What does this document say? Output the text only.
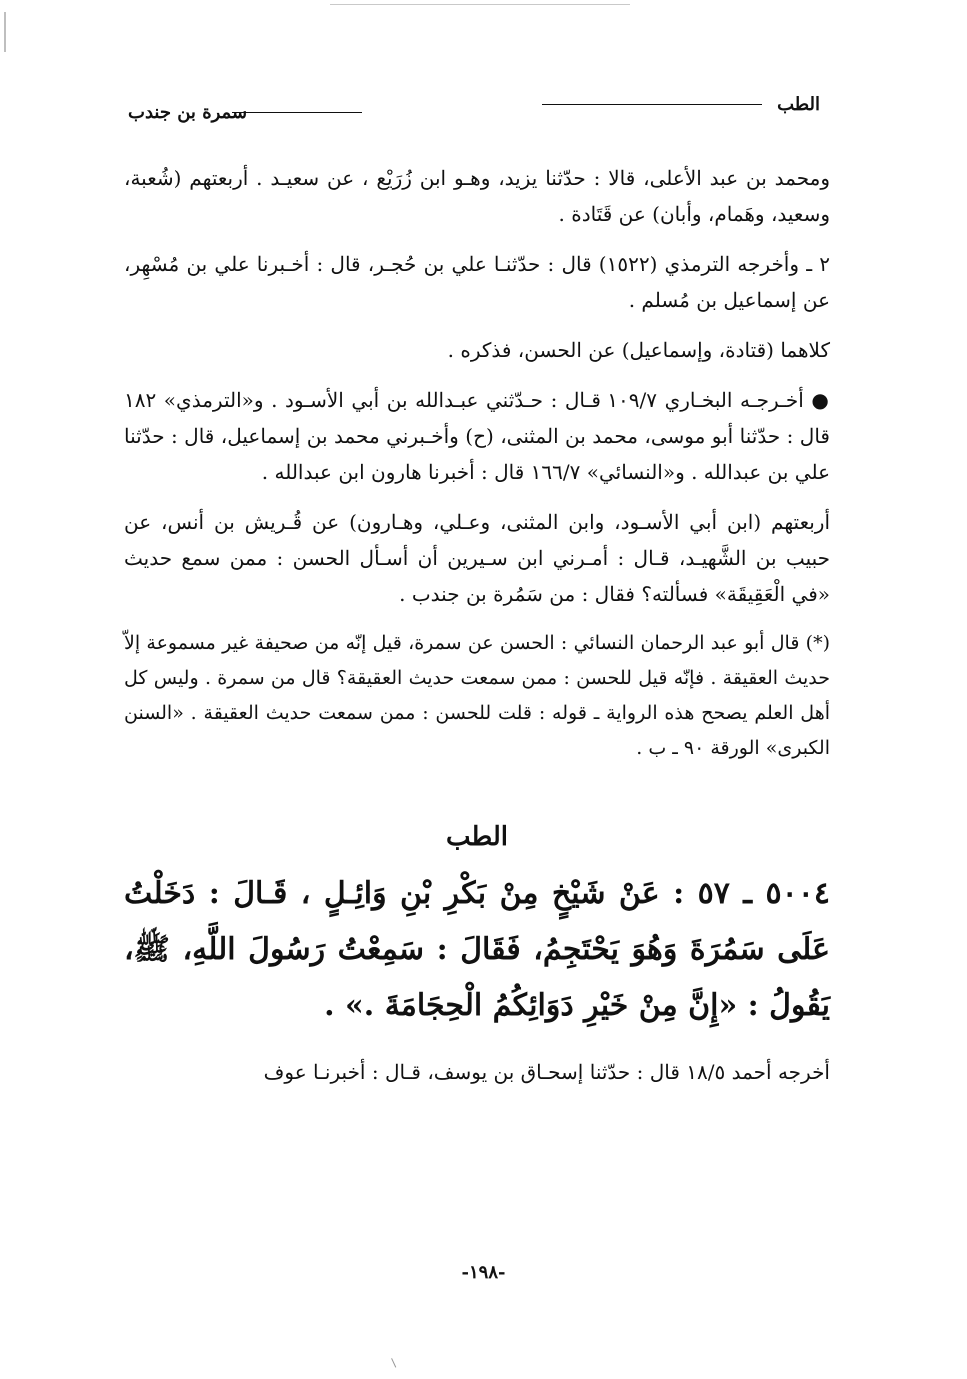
الطب
سمرة بن جندب

ومحمد بن عبد الأعلى، قالا : حدّثنا يزيد، وهـو ابن زُرَيْع ، عن سعيـد . أربعتهم (شُعبة، وسعيد، وهَمام، وأبان) عن قَتَادة .

٢ ـ وأخرجه الترمذي (١٥٢٢) قال : حدّثنـا علي بن حُجـر، قال : أخـبرنا علي بن مُسْهِر، عن إسماعيل بن مُسلم .

كلاهما (قتادة، وإسماعيل) عن الحسن، فذكره .

● أخـرجـه البخـاري ١٠٩/٧ قـال : حـدّثني عبـدالله بن أبي الأسـود . و«الترمذي» ١٨٢ قال : حدّثنا أبو موسى، محمد بن المثنى، (ح) وأخـبرني محمد بن إسماعيل، قال : حدّثنا علي بن عبدالله . و«النسائي» ١٦٦/٧ قال : أخبرنا هارون ابن عبدالله .

أربعتهم (ابن أبي الأسـود، وابن المثنى، وعـلي، وهـارون) عن قُـريش بن أنس، عن حبيب بن الشَّهيـد، قـال : أمـرني ابن سـيرين أن أسـأل الحسن : ممن سمع حديث «في الْعَقِيقَة» فسألته؟ فقال : من سَمُرة بن جندب .

(*) قال أبو عبد الرحمان النسائي : الحسن عن سمرة، قيل إنّه من صحيفة غير مسموعة إلاّ حديث العقيقة . فإنّه قيل للحسن : ممن سمعت حديث العقيقة؟ قال من سمرة . وليس كل أهل العلم يصحح هذه الرواية ـ قوله : قلت للحسن : ممن سمعت حديث العقيقة . «السنن الكبرى» الورقة ٩٠ ـ ب .

الطب
٥٠٠٤ ـ ٥٧ : عَنْ شَيْخٍ مِنْ بَكْرِ بْنِ وَائِـلٍ ، قَـالَ : دَخَلْتُ عَلَى سَمُرَةَ وَهُوَ يَحْتَجِمُ، فَقَالَ : سَمِعْتُ رَسُولَ اللَّهِ، ﷺ، يَقُولُ : «إِنَّ مِنْ خَيْرِ دَوَائِكُمُ الْحِجَامَةَ .» .

أخرجه أحمد ١٨/٥ قال : حدّثنا إسحـاق بن يوسف، قـال : أخبرنـا عوف

-١٩٨-
